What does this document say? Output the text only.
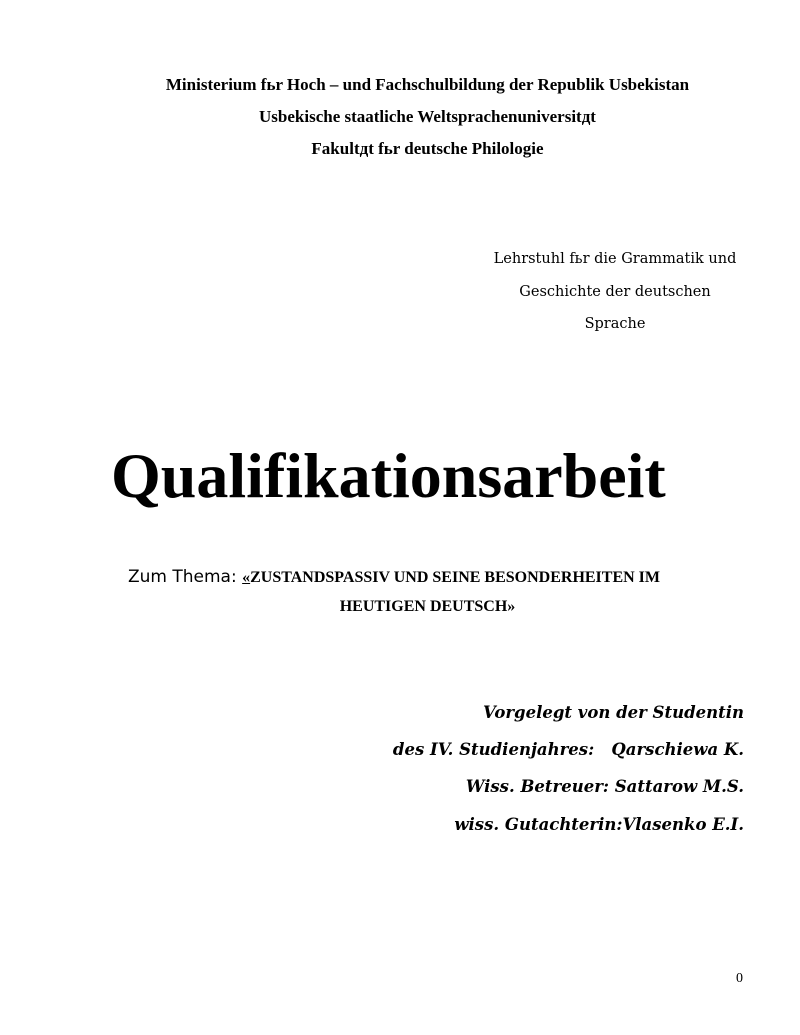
Ministerium fьr Hoch – und Fachschulbildung der Republik Usbekistan
Usbekische staatliche Weltsprachenuniversitдt
Fakultдt fьr deutsche Philologie
Lehrstuhl fьr die Grammatik und
Geschichte der deutschen
Sprache
Qualifikationsarbeit
Zum Thema: «ZUSTANDSPASSIV UND SEINE BESONDERHEITEN IM
HEUTIGEN DEUTSCH»
Vorgelegt von der Studentin
des IV. Studienjahres:   Qarschiewa K.
Wiss. Betreuer: Sattarow M.S.
wiss. Gutachterin:Vlasenko E.I.
0
